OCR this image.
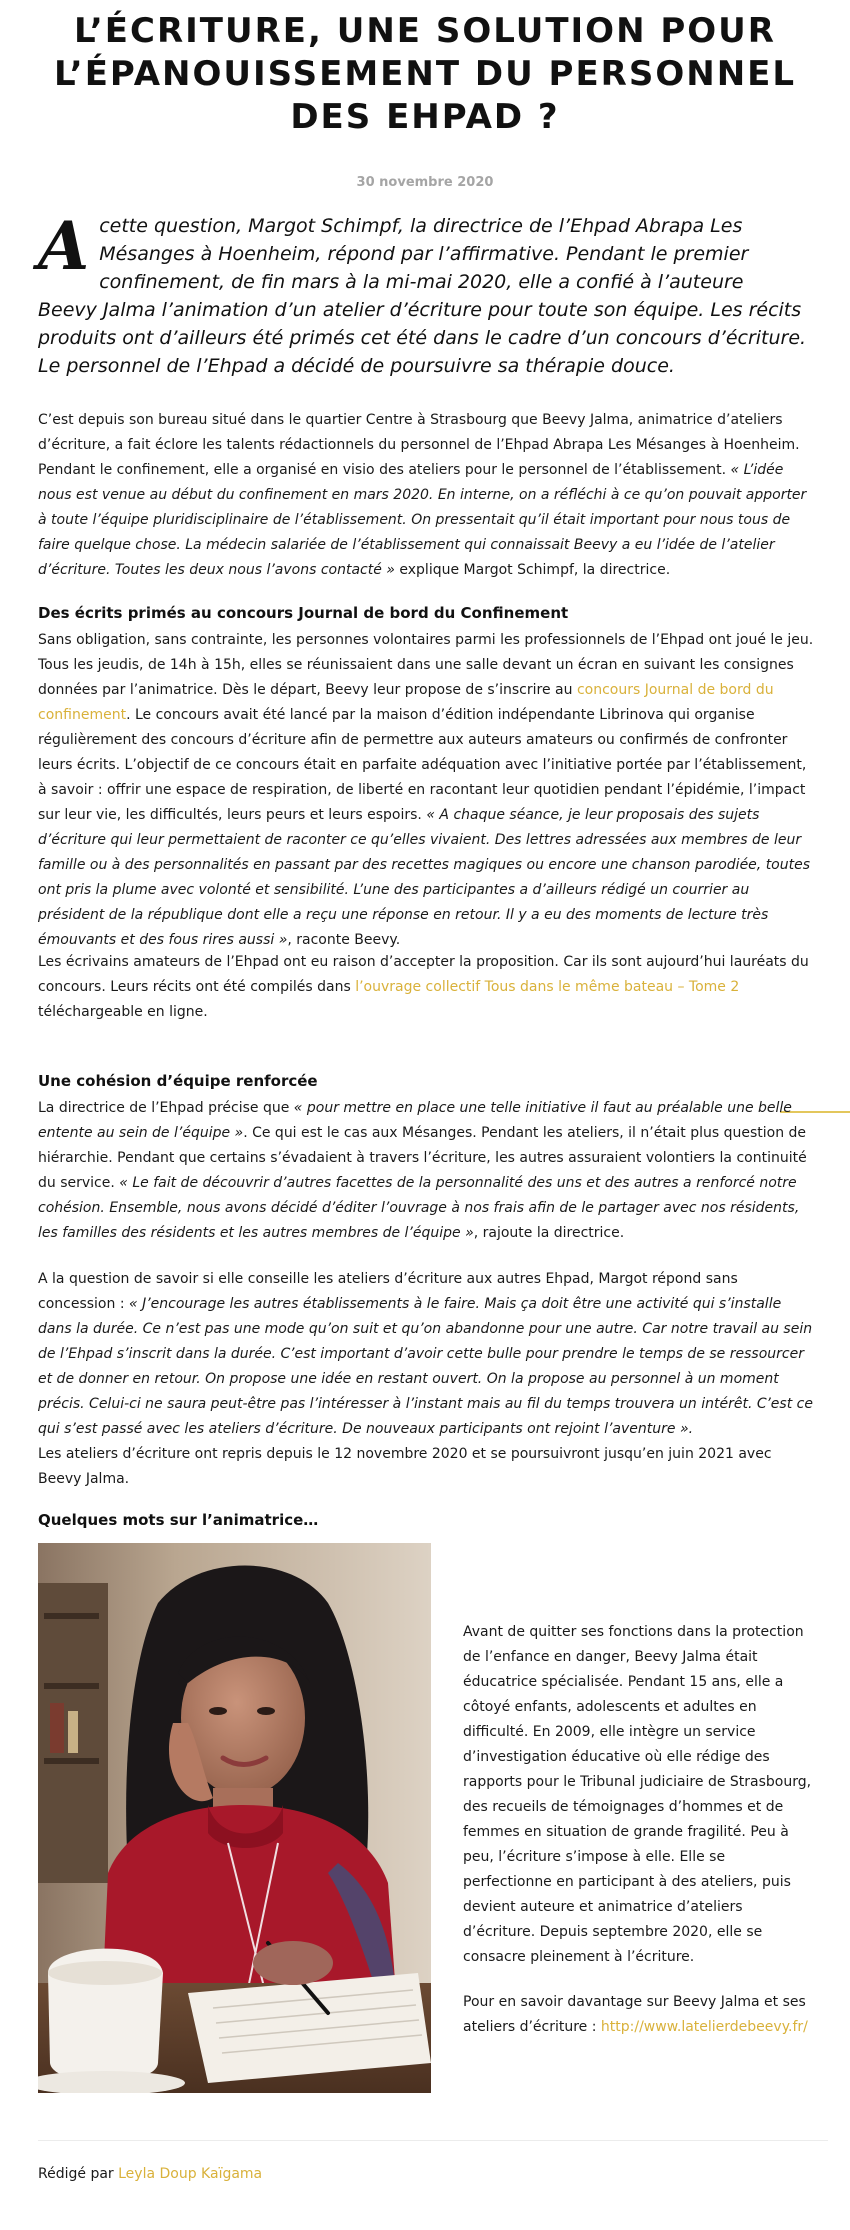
L’ÉCRITURE, UNE SOLUTION POUR L’ÉPANOUISSEMENT DU PERSONNEL DES EHPAD ?
30 novembre 2020

Acette question, Margot Schimpf, la directrice de l’Ehpad Abrapa Les Mésanges à Hoenheim, répond par l’affirmative. Pendant le premier confinement, de fin mars à la mi-mai 2020, elle a confié à l’auteure Beevy Jalma l’animation d’un atelier d’écriture pour toute son équipe. Les récits produits ont d’ailleurs été primés cet été dans le cadre d’un concours d’écriture. Le personnel de l’Ehpad a décidé de poursuivre sa thérapie douce.

C’est depuis son bureau situé dans le quartier Centre à Strasbourg que Beevy Jalma, animatrice d’ateliers d’écriture, a fait éclore les talents rédactionnels du personnel de l’Ehpad Abrapa Les Mésanges à Hoenheim. Pendant le confinement, elle a organisé en visio des ateliers pour le personnel de l’établissement. « L’idée nous est venue au début du confinement en mars 2020. En interne, on a réfléchi à ce qu’on pouvait apporter à toute l’équipe pluridisciplinaire de l’établissement. On pressentait qu’il était important pour nous tous de faire quelque chose. La médecin salariée de l’établissement qui connaissait Beevy a eu l’idée de l’atelier d’écriture. Toutes les deux nous l’avons contacté » explique Margot Schimpf, la directrice.

Des écrits primés au concours Journal de bord du Confinement

Sans obligation, sans contrainte, les personnes volontaires parmi les professionnels de l’Ehpad ont joué le jeu. Tous les jeudis, de 14h à 15h, elles se réunissaient dans une salle devant un écran en suivant les consignes données par l’animatrice. Dès le départ, Beevy leur propose de s’inscrire au concours Journal de bord du confinement. Le concours avait été lancé par la maison d’édition indépendante Librinova qui organise régulièrement des concours d’écriture afin de permettre aux auteurs amateurs ou confirmés de confronter leurs écrits. L’objectif de ce concours était en parfaite adéquation avec l’initiative portée par l’établissement, à savoir : offrir une espace de respiration, de liberté en racontant leur quotidien pendant l’épidémie, l’impact sur leur vie, les difficultés, leurs peurs et leurs espoirs. « A chaque séance, je leur proposais des sujets d’écriture qui leur permettaient de raconter ce qu’elles vivaient. Des lettres adressées aux membres de leur famille ou à des personnalités en passant par des recettes magiques ou encore une chanson parodiée, toutes ont pris la plume avec volonté et sensibilité. L’une des participantes a d’ailleurs rédigé un courrier au président de la république dont elle a reçu une réponse en retour. Il y a eu des moments de lecture très émouvants et des fous rires aussi », raconte Beevy.

Les écrivains amateurs de l’Ehpad ont eu raison d’accepter la proposition. Car ils sont aujourd’hui lauréats du concours. Leurs récits ont été compilés dans l’ouvrage collectif Tous dans le même bateau – Tome 2 téléchargeable en ligne.

Une cohésion d’équipe renforcée

La directrice de l’Ehpad précise que « pour mettre en place une telle initiative il faut au préalable une belle entente au sein de l’équipe ». Ce qui est le cas aux Mésanges. Pendant les ateliers, il n’était plus question de hiérarchie. Pendant que certains s’évadaient à travers l’écriture, les autres assuraient volontiers la continuité du service. « Le fait de découvrir d’autres facettes de la personnalité des uns et des autres a renforcé notre cohésion. Ensemble, nous avons décidé d’éditer l’ouvrage à nos frais afin de le partager avec nos résidents, les familles des résidents et les autres membres de l’équipe », rajoute la directrice.

A la question de savoir si elle conseille les ateliers d’écriture aux autres Ehpad, Margot répond sans concession : « J’encourage les autres établissements à le faire. Mais ça doit être une activité qui s’installe dans la durée. Ce n’est pas une mode qu’on suit et qu’on abandonne pour une autre. Car notre travail au sein de l’Ehpad s’inscrit dans la durée. C’est important d’avoir cette bulle pour prendre le temps de se ressourcer et de donner en retour. On propose une idée en restant ouvert. On la propose au personnel à un moment précis. Celui-ci ne saura peut-être pas l’intéresser à l’instant mais au fil du temps trouvera un intérêt. C’est ce qui s’est passé avec les ateliers d’écriture. De nouveaux participants ont rejoint l’aventure ».
Les ateliers d’écriture ont repris depuis le 12 novembre 2020 et se poursuivront jusqu’en juin 2021 avec Beevy Jalma.

Quelques mots sur l’animatrice…

Avant de quitter ses fonctions dans la protection de l’enfance en danger, Beevy Jalma était éducatrice spécialisée. Pendant 15 ans, elle a côtoyé enfants, adolescents et adultes en difficulté. En 2009, elle intègre un service d’investigation éducative où elle rédige des rapports pour le Tribunal judiciaire de Strasbourg, des recueils de témoignages d’hommes et de femmes en situation de grande fragilité. Peu à peu, l’écriture s’impose à elle. Elle se perfectionne en participant à des ateliers, puis devient auteure et animatrice d’ateliers d’écriture. Depuis septembre 2020, elle se consacre pleinement à l’écriture.

Pour en savoir davantage sur Beevy Jalma et ses ateliers d’écriture : http://www.latelierdebeevy.fr/

Rédigé par Leyla Doup Kaïgama
